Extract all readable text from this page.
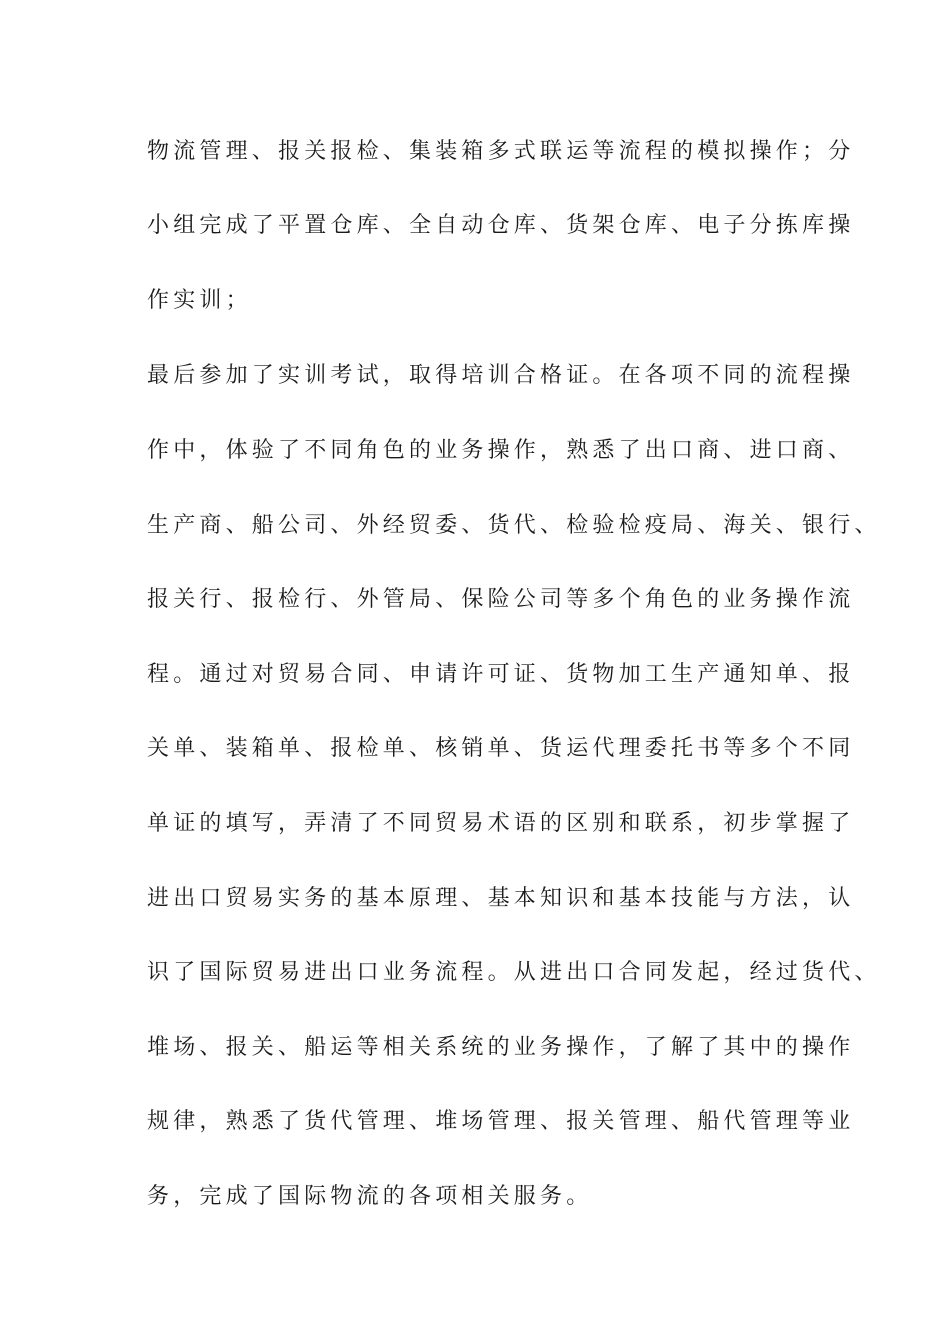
物流管理、报关报检、集装箱多式联运等流程的模拟操作；分

小组完成了平置仓库、全自动仓库、货架仓库、电子分拣库操

作实训；

最后参加了实训考试，取得培训合格证。在各项不同的流程操

作中，体验了不同角色的业务操作，熟悉了出口商、进口商、

生产商、船公司、外经贸委、货代、检验检疫局、海关、银行、

报关行、报检行、外管局、保险公司等多个角色的业务操作流

程。通过对贸易合同、申请许可证、货物加工生产通知单、报

关单、装箱单、报检单、核销单、货运代理委托书等多个不同

单证的填写，弄清了不同贸易术语的区别和联系，初步掌握了

进出口贸易实务的基本原理、基本知识和基本技能与方法，认

识了国际贸易进出口业务流程。从进出口合同发起，经过货代、

堆场、报关、船运等相关系统的业务操作，了解了其中的操作

规律，熟悉了货代管理、堆场管理、报关管理、船代管理等业

务，完成了国际物流的各项相关服务。
